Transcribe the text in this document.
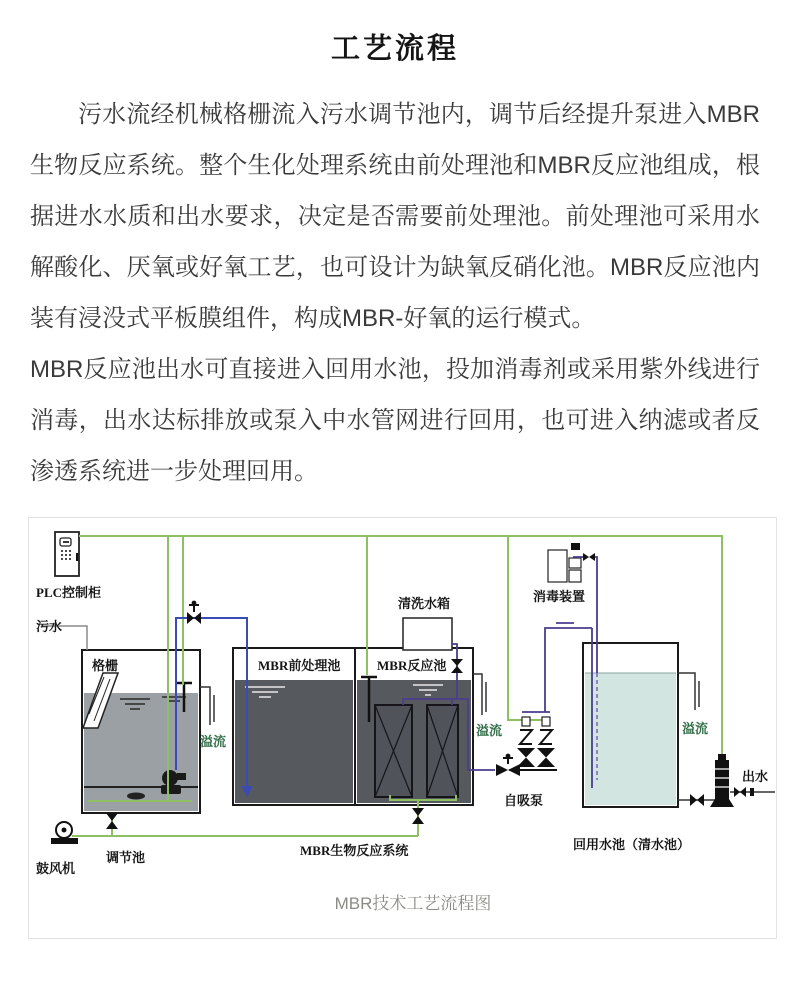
工艺流程

污水流经机械格栅流入污水调节池内，调节后经提升泵进入MBR生物反应系统。整个生化处理系统由前处理池和MBR反应池组成，根据进水水质和出水要求，决定是否需要前处理池。前处理池可采用水解酸化、厌氧或好氧工艺，也可设计为缺氧反硝化池。MBR反应池内装有浸没式平板膜组件，构成MBR-好氧的运行模式。

MBR反应池出水可直接进入回用水池，投加消毒剂或采用紫外线进行消毒，出水达标排放或泵入中水管网进行回用，也可进入纳滤或者反渗透系统进一步处理回用。

PLC控制柜
污水
格栅	MBR前处理池	MBR反应池
清洗水箱	消毒装置
溢流
溢流	溢流
自吸泵
调节池	MBR生物反应系统	回用水池（清水池）
鼓风机
出水
MBR技术工艺流程图
